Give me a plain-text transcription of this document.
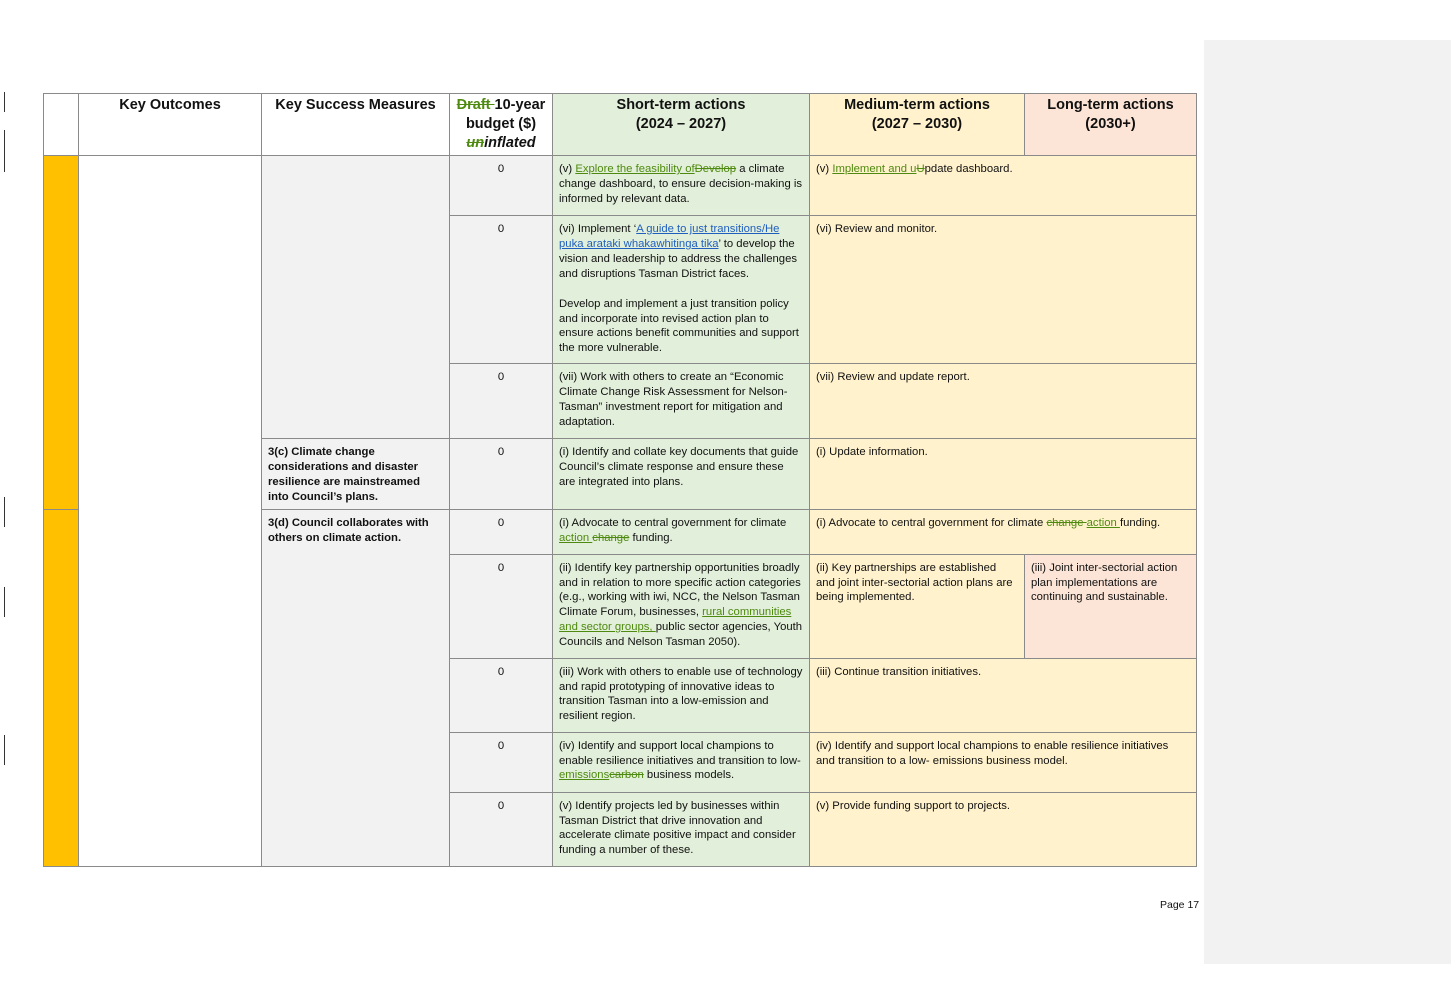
	Key Outcomes	Key Success Measures	Draft 10-year
budget ($)
uninflated	Short-term actions
(2024 – 2027)	Medium-term actions
(2027 – 2030)	Long-term actions
(2030+)
			0	(v) Explore the feasibility ofDevelop a climate change dashboard, to ensure decision-making is informed by relevant data.	(v) Implement and uUpdate dashboard.	
			0	(vi) Implement ‘A guide to just transitions/He puka arataki whakawhitinga tika’ to develop the vision and leadership to address the challenges and disruptions Tasman District faces.
Develop and implement a just transition policy and incorporate into revised action plan to ensure actions benefit communities and support the more vulnerable.	(vi) Review and monitor.	
			0	(vii) Work with others to create an “Economic Climate Change Risk Assessment for Nelson-Tasman” investment report for mitigation and adaptation.	(vii) Review and update report.	
		3(c) Climate change considerations and disaster resilience are mainstreamed into Council’s plans.	0	(i) Identify and collate key documents that guide Council’s climate response and ensure these are integrated into plans.	(i) Update information.	
		3(d) Council collaborates with others on climate action.	0	(i) Advocate to central government for climate action change funding.	(i) Advocate to central government for climate change action funding.	
			0	(ii) Identify key partnership opportunities broadly and in relation to more specific action categories (e.g., working with iwi, NCC, the Nelson Tasman Climate Forum, businesses, rural communities and sector groups, public sector agencies, Youth Councils and Nelson Tasman 2050).	(ii) Key partnerships are established and joint inter-sectorial action plans are being implemented.	(iii) Joint inter-sectorial action plan implementations are continuing and sustainable.
			0	(iii) Work with others to enable use of technology and rapid prototyping of innovative ideas to transition Tasman into a low-emission and resilient region.	(iii) Continue transition initiatives.	
			0	(iv) Identify and support local champions to enable resilience initiatives and transition to low-emissionscarbon business models.	(iv) Identify and support local champions to enable resilience initiatives and transition to a low- emissions business model.	
			0	(v) Identify projects led by businesses within Tasman District that drive innovation and accelerate climate positive impact and consider funding a number of these.	(v) Provide funding support to projects.	
Page 17
